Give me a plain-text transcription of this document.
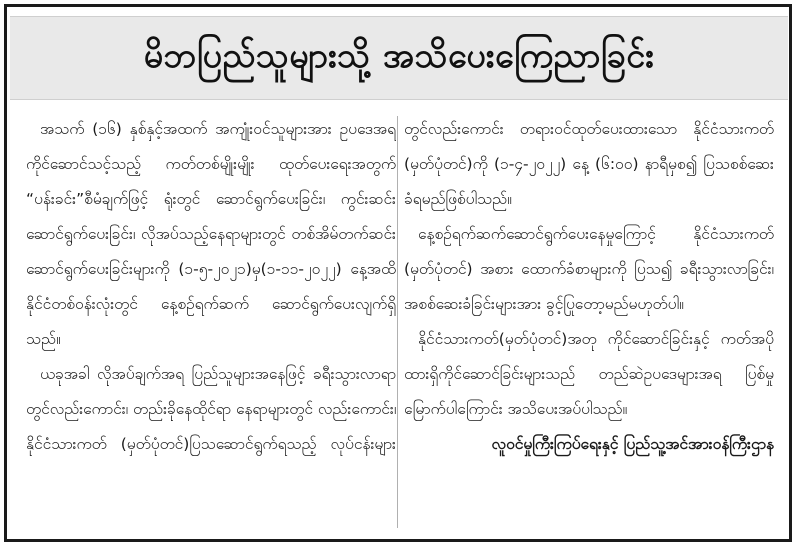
မိဘပြည်သူများသို့ အသိပေးကြေညာခြင်း
အသက် (၁၆) နှစ်နှင့်အထက် အကျုံးဝင်သူများအား ဥပဒေအရ
ကိုင်ဆောင်သင့်သည့် ကတ်တစ်မျိုးမျိုး ထုတ်ပေးရေးအတွက်
“ပန်းခင်း”စီမံချက်ဖြင့် ရုံးတွင် ဆောင်ရွက်ပေးခြင်း၊ ကွင်းဆင်း
ဆောင်ရွက်ပေးခြင်း၊ လိုအပ်သည့်နေရာများတွင် တစ်အိမ်တက်ဆင်း
ဆောင်ရွက်ပေးခြင်းများကို (၁-၅-၂၀၂၁)မှ(၁-၁၁-၂၀၂၂) နေ့အထိ
နိုင်ငံတစ်ဝန်းလုံးတွင် နေ့စဉ်ရက်ဆက် ဆောင်ရွက်ပေးလျက်ရှိ
သည်။
ယခုအခါ လိုအပ်ချက်အရ ပြည်သူများအနေဖြင့် ခရီးသွားလာရာ
တွင်လည်းကောင်း၊ တည်းခိုနေထိုင်ရာ နေရာများတွင် လည်းကောင်း၊
နိုင်ငံသားကတ် (မှတ်ပုံတင်)ပြသဆောင်ရွက်ရသည့် လုပ်ငန်းများ
တွင်လည်းကောင်း တရားဝင်ထုတ်ပေးထားသော နိုင်ငံသားကတ်
(မှတ်ပုံတင်)ကို (၁-၄-၂၀၂၂) နေ့ (၆:၀၀) နာရီမှစ၍ ပြသစစ်ဆေး
ခံရမည်ဖြစ်ပါသည်။
နေ့စဉ်ရက်ဆက်ဆောင်ရွက်ပေးနေမှုကြောင့် နိုင်ငံသားကတ်
(မှတ်ပုံတင်) အစား ထောက်ခံစာများကို ပြသ၍ ခရီးသွားလာခြင်း၊
အစစ်ဆေးခံခြင်းများအား ခွင့်ပြုတော့မည်မဟုတ်ပါ။
နိုင်ငံသားကတ်(မှတ်ပုံတင်)အတု ကိုင်ဆောင်ခြင်းနှင့် ကတ်အပို
ထားရှိကိုင်ဆောင်ခြင်းများသည် တည်ဆဲဥပဒေများအရ ပြစ်မှု
မြောက်ပါကြောင်း အသိပေးအပ်ပါသည်။
လူဝင်မှုကြီးကြပ်ရေးနှင့် ပြည်သူ့အင်အားဝန်ကြီးဌာန
